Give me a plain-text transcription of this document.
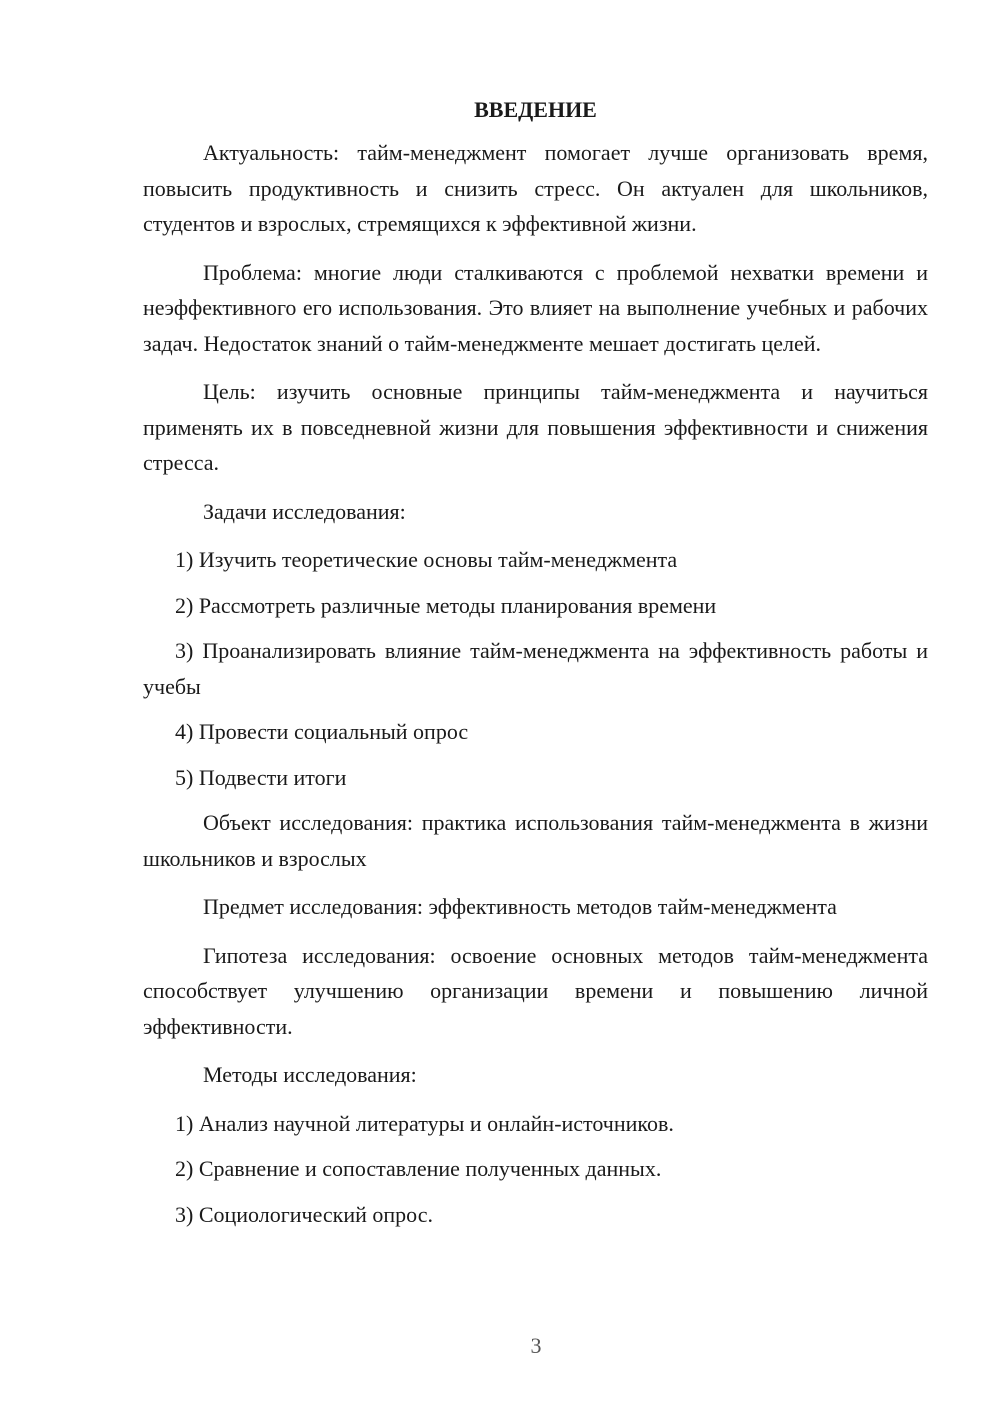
ВВЕДЕНИЕ

Актуальность: тайм-менеджмент помогает лучше организовать время, повысить продуктивность и снизить стресс. Он актуален для школьников, студентов и взрослых, стремящихся к эффективной жизни.

Проблема: многие люди сталкиваются с проблемой нехватки времени и неэффективного его использования. Это влияет на выполнение учебных и рабочих задач. Недостаток знаний о тайм-менеджменте мешает достигать целей.

Цель: изучить основные принципы тайм-менеджмента и научиться применять их в повседневной жизни для повышения эффективности и снижения стресса.

Задачи исследования:

1) Изучить теоретические основы тайм-менеджмента

2) Рассмотреть различные методы планирования времени

3) Проанализировать влияние тайм-менеджмента на эффективность работы и учебы

4) Провести социальный опрос

5) Подвести итоги

Объект исследования: практика использования тайм-менеджмента в жизни школьников и взрослых

Предмет исследования: эффективность методов тайм-менеджмента

Гипотеза исследования: освоение основных методов тайм-менеджмента способствует улучшению организации времени и повышению личной эффективности.

Методы исследования:

1) Анализ научной литературы и онлайн-источников.

2) Сравнение и сопоставление полученных данных.

3) Социологический опрос.

3
